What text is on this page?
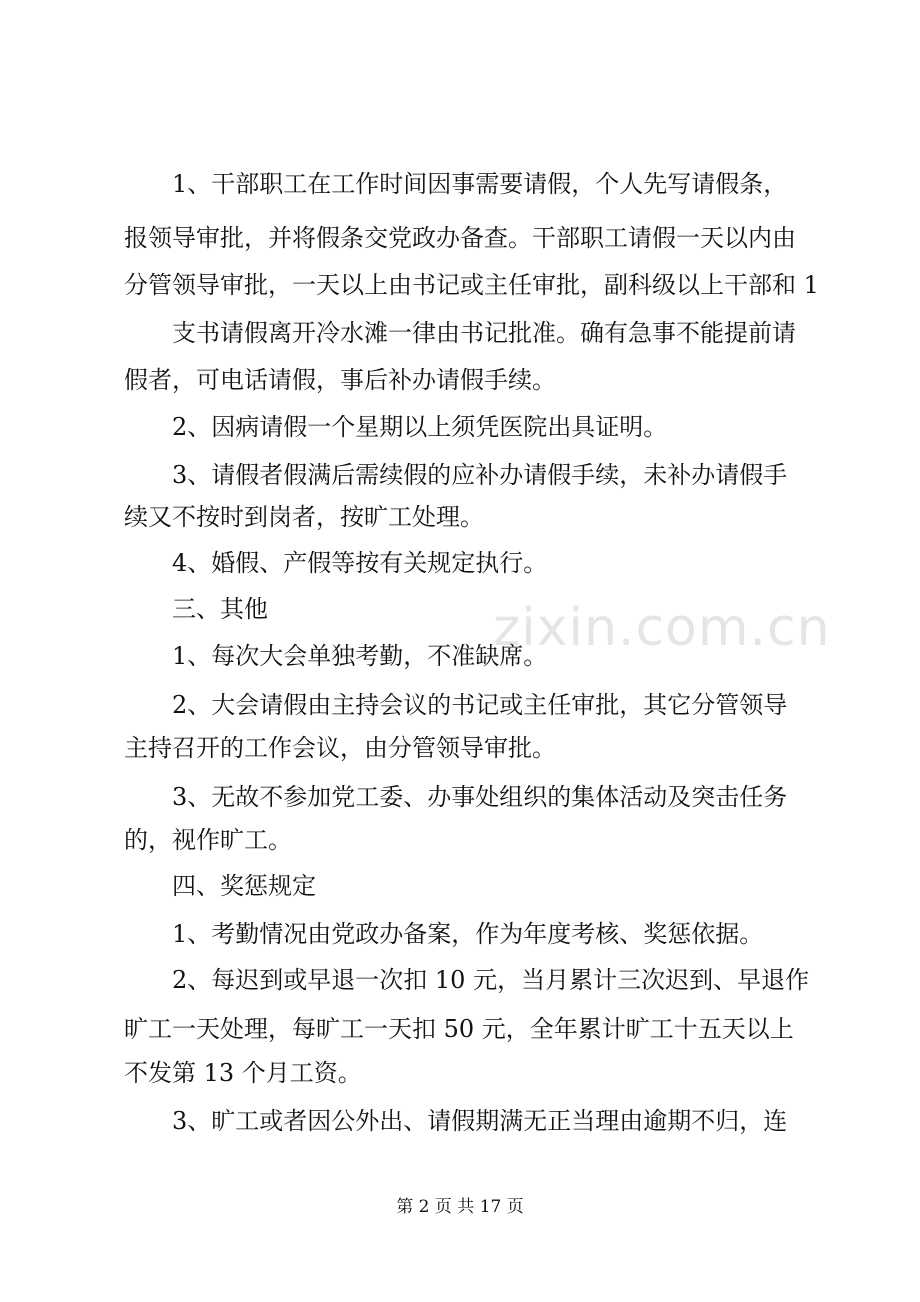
zixin.com.cn
1、干部职工在工作时间因事需要请假，个人先写请假条，
报领导审批，并将假条交党政办备查。干部职工请假一天以内由
分管领导审批，一天以上由书记或主任审批，副科级以上干部和 1
支书请假离开冷水滩一律由书记批准。确有急事不能提前请
假者，可电话请假，事后补办请假手续。
2、因病请假一个星期以上须凭医院出具证明。
3、请假者假满后需续假的应补办请假手续，未补办请假手
续又不按时到岗者，按旷工处理。
4、婚假、产假等按有关规定执行。
三、其他
1、每次大会单独考勤，不准缺席。
2、大会请假由主持会议的书记或主任审批，其它分管领导
主持召开的工作会议，由分管领导审批。
3、无故不参加党工委、办事处组织的集体活动及突击任务
的，视作旷工。
四、奖惩规定
1、考勤情况由党政办备案，作为年度考核、奖惩依据。
2、每迟到或早退一次扣 10 元，当月累计三次迟到、早退作
旷工一天处理，每旷工一天扣 50 元，全年累计旷工十五天以上
不发第 13 个月工资。
3、旷工或者因公外出、请假期满无正当理由逾期不归，连
第 2 页 共 17 页
